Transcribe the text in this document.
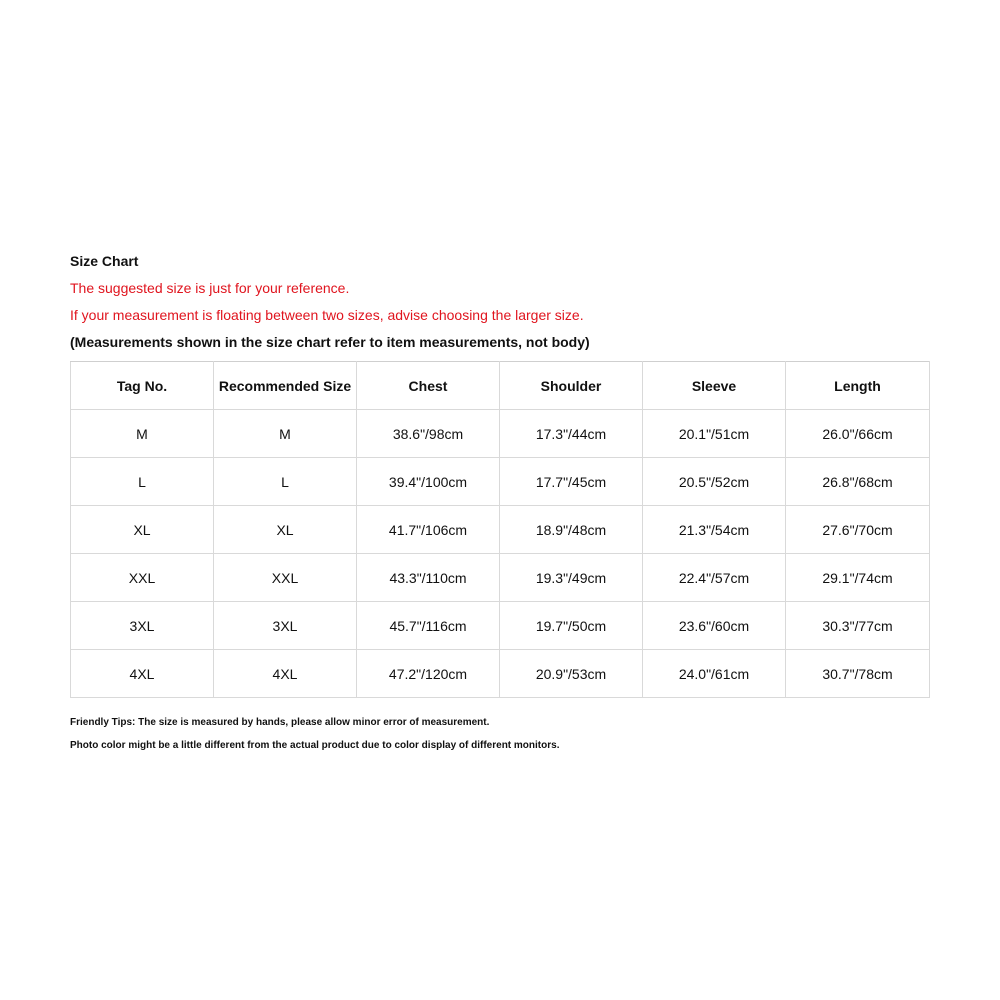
Size Chart
The suggested size is just for your reference.
If your measurement is floating between two sizes, advise choosing the larger size.
(Measurements shown in the size chart refer to item measurements, not body)
Tag No.	Recommended Size	Chest	Shoulder	Sleeve	Length
M	M	38.6"/98cm	17.3"/44cm	20.1"/51cm	26.0"/66cm
L	L	39.4"/100cm	17.7"/45cm	20.5"/52cm	26.8"/68cm
XL	XL	41.7"/106cm	18.9"/48cm	21.3"/54cm	27.6"/70cm
XXL	XXL	43.3"/110cm	19.3"/49cm	22.4"/57cm	29.1"/74cm
3XL	3XL	45.7"/116cm	19.7"/50cm	23.6"/60cm	30.3"/77cm
4XL	4XL	47.2"/120cm	20.9"/53cm	24.0"/61cm	30.7"/78cm
Friendly Tips: The size is measured by hands, please allow minor error of measurement.
Photo color might be a little different from the actual product due to color display of different monitors.
